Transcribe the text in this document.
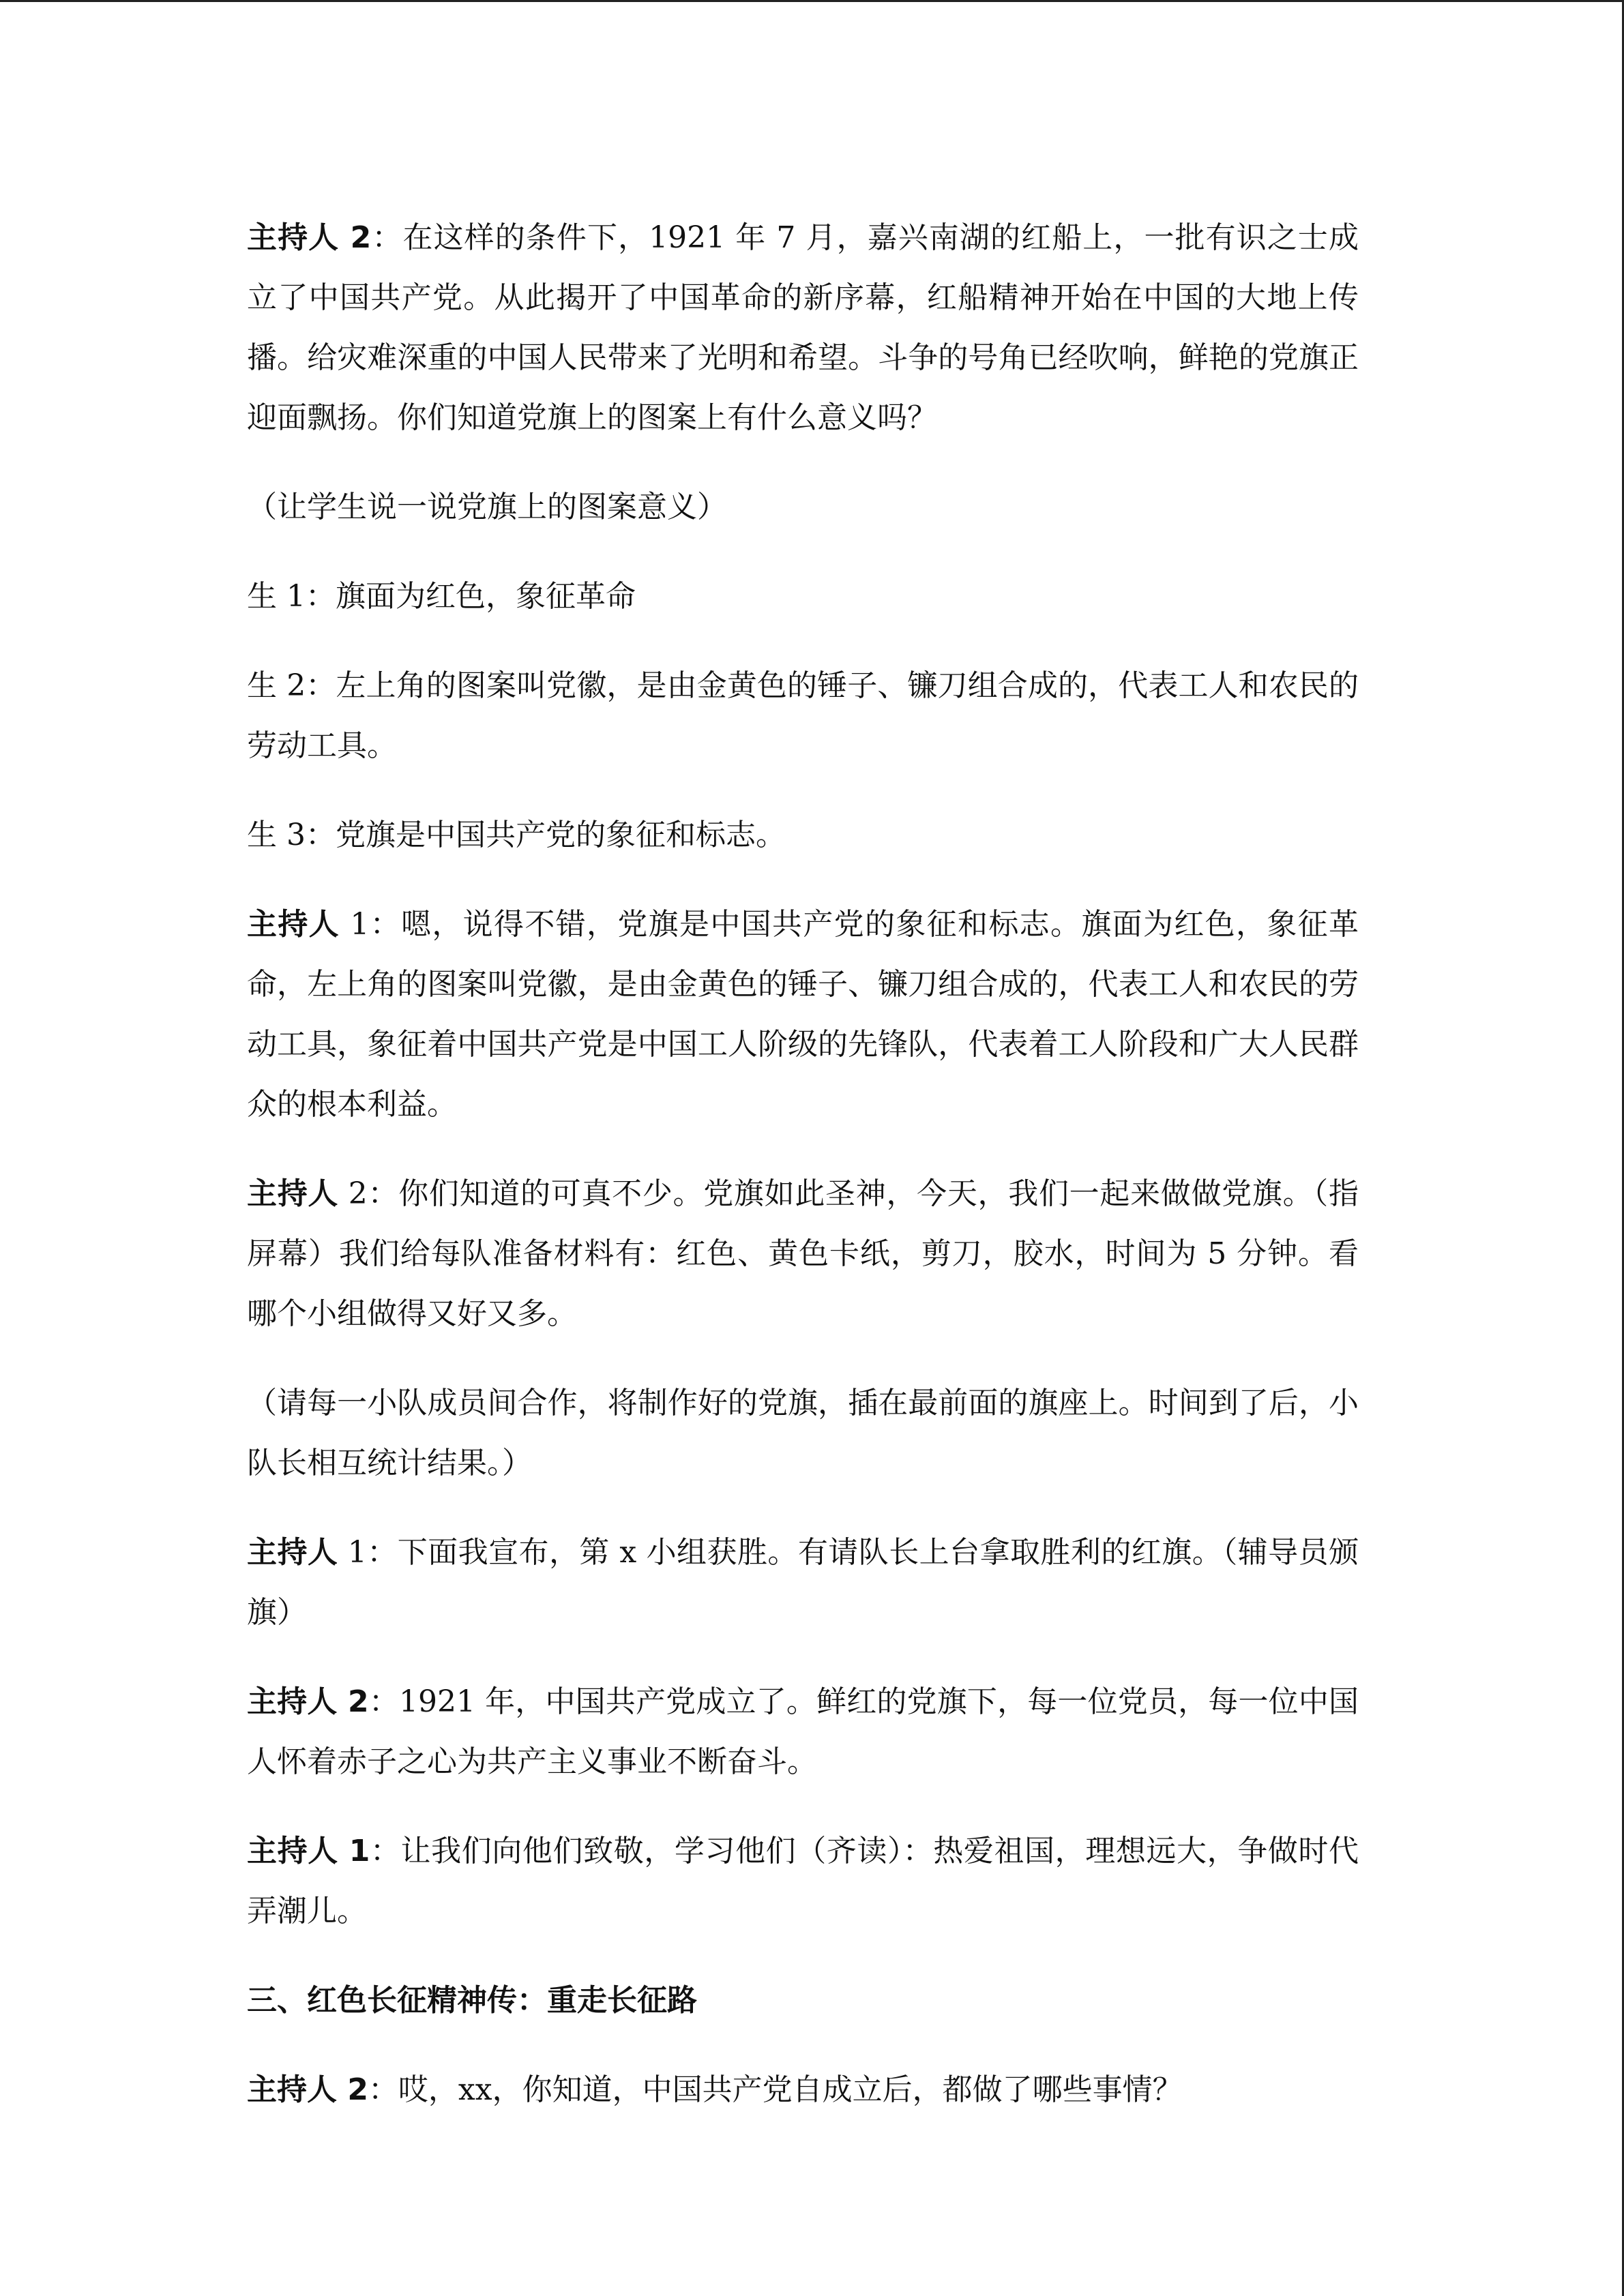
主持人 2：在这样的条件下，1921 年 7 月，嘉兴南湖的红船上，一批有识之士成立了中国共产党。从此揭开了中国革命的新序幕，红船精神开始在中国的大地上传播。给灾难深重的中国人民带来了光明和希望。斗争的号角已经吹响，鲜艳的党旗正迎面飘扬。你们知道党旗上的图案上有什么意义吗？

（让学生说一说党旗上的图案意义）

生 1：旗面为红色，象征革命

生 2：左上角的图案叫党徽，是由金黄色的锤子、镰刀组合成的，代表工人和农民的劳动工具。

生 3：党旗是中国共产党的象征和标志。

主持人 1：嗯，说得不错，党旗是中国共产党的象征和标志。旗面为红色，象征革命，左上角的图案叫党徽，是由金黄色的锤子、镰刀组合成的，代表工人和农民的劳动工具，象征着中国共产党是中国工人阶级的先锋队，代表着工人阶段和广大人民群众的根本利益。

主持人 2：你们知道的可真不少。党旗如此圣神，今天，我们一起来做做党旗。（指屏幕）我们给每队准备材料有：红色、黄色卡纸，剪刀，胶水，时间为 5 分钟。看哪个小组做得又好又多。

（请每一小队成员间合作，将制作好的党旗，插在最前面的旗座上。时间到了后，小队长相互统计结果。）

主持人 1：下面我宣布，第 x 小组获胜。有请队长上台拿取胜利的红旗。（辅导员颁旗）

主持人 2：1921 年，中国共产党成立了。鲜红的党旗下，每一位党员，每一位中国人怀着赤子之心为共产主义事业不断奋斗。

主持人 1：让我们向他们致敬，学习他们（齐读）：热爱祖国，理想远大，争做时代弄潮儿。

三、红色长征精神传：重走长征路

主持人 2：哎，xx，你知道，中国共产党自成立后，都做了哪些事情？
